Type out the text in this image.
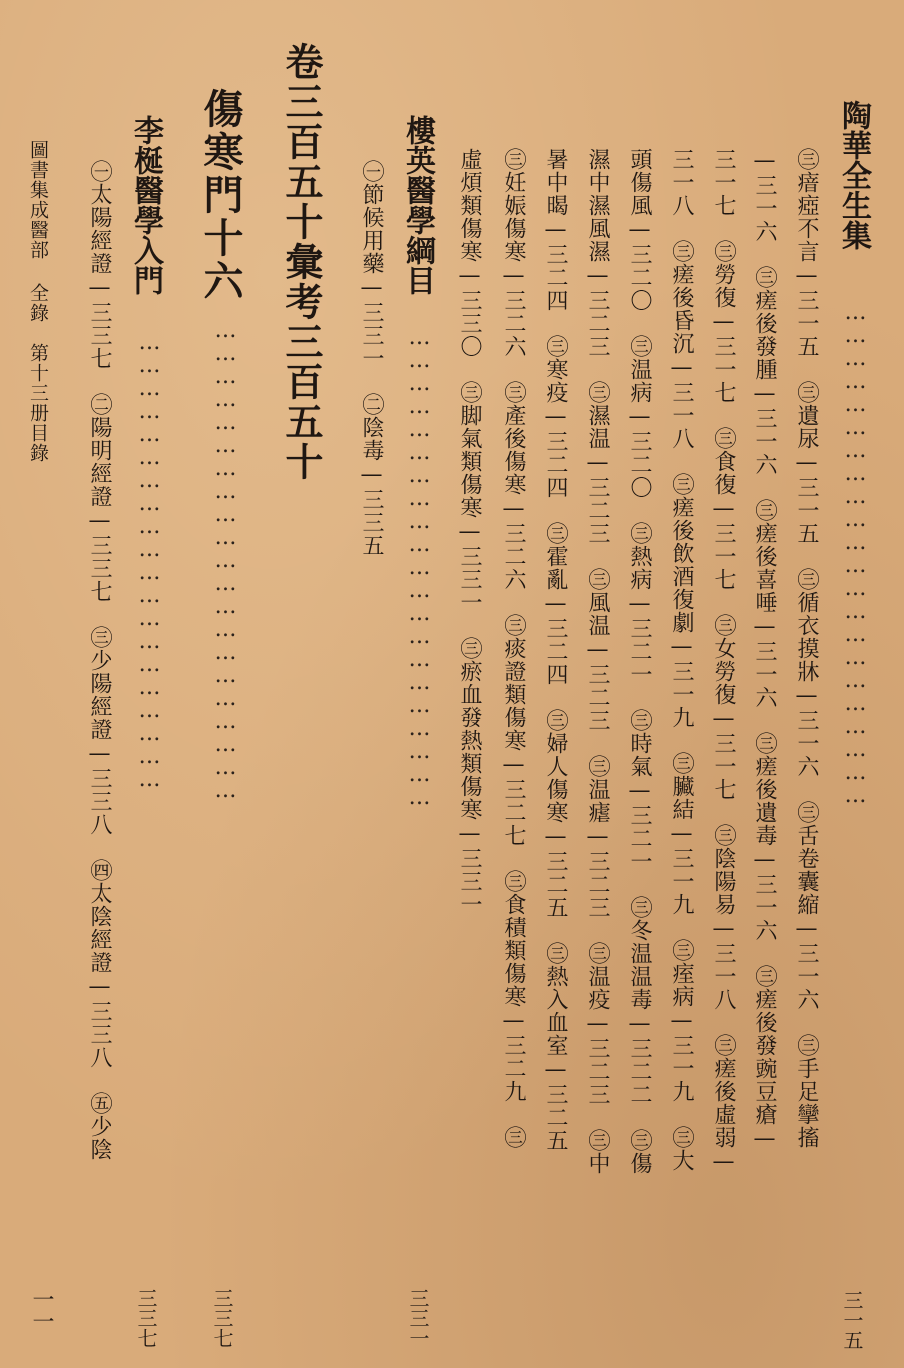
圖書集成醫部 全錄　第十三册目錄
一一
陶華全生集
…………………………………………………………
三一五
㊂瘖瘂不言—三一五　㊂遺尿—三一五　㊂循衣摸牀—三一六　㊂舌卷囊縮—三一六　㊂手足攣搐
—三一六　㊂瘥後發腫—三一六　㊂瘥後喜唾—三一六　㊂瘥後遺毒—三一六　㊂瘥後發豌豆瘡—
三一七　㊂勞復—三一七　㊂食復—三一七　㊂女勞復—三一七　㊂陰陽易—三一八　㊂瘥後虛弱—
三一八　㊂瘥後昏沉—三一八　㊂瘥後飲酒復劇—三一九　㊂臟結—三一九　㊂痓病—三一九　㊂大
頭傷風—三二〇　㊂温病—三二〇　㊂熱病—三二一　㊂時氣—三二一　㊂冬温温毒—三二二　㊂傷
濕中濕風濕—三二三　㊂濕温—三二三　㊂風温—三二三　㊂温瘧—三二三　㊂温疫—三二三　㊂中
暑中暍—三二四　㊂寒疫—三二四　㊂霍亂—三二四　㊂婦人傷寒—三二五　㊂熱入血室—三二五
㊂妊娠傷寒—三二六　㊂產後傷寒—三二六　㊂痰證類傷寒—三二七　㊂食積類傷寒—三二九　㊂
虛煩類傷寒—三三〇　㊂脚氣類傷寒—三三一　㊂瘀血發熱類傷寒—三三一
樓英醫學綱目
………………………………………………………
三三一
㊀節候用藥—三三一　㊁陰毒—三三五
卷三百五十彙考三百五十
傷寒門十六
………………………………………………………
三三七
李梴醫學入門
……………………………………………………
三三七
㊀太陽經證—三三七　㊁陽明經證—三三七　㊂少陽經證—三三八　㊃太陰經證—三三八　㊄少陰
